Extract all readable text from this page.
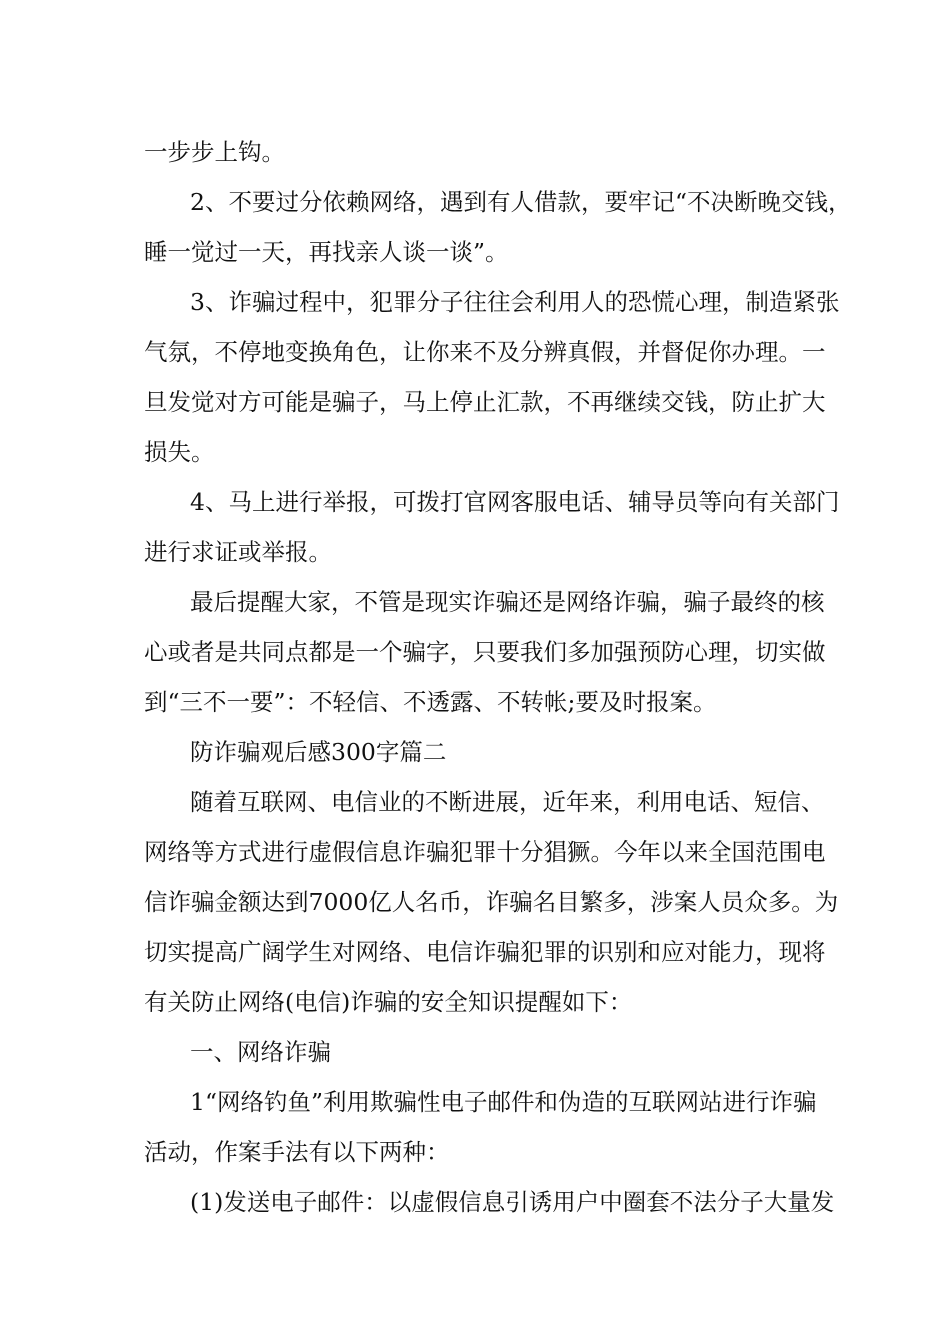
一步步上钩。

2、不要过分依赖网络，遇到有人借款，要牢记“不决断晚交钱，

睡一觉过一天，再找亲人谈一谈”。

3、诈骗过程中，犯罪分子往往会利用人的恐慌心理，制造紧张

气氛，不停地变换角色，让你来不及分辨真假，并督促你办理。一

旦发觉对方可能是骗子，马上停止汇款，不再继续交钱，防止扩大

损失。

4、马上进行举报，可拨打官网客服电话、辅导员等向有关部门

进行求证或举报。

最后提醒大家，不管是现实诈骗还是网络诈骗，骗子最终的核

心或者是共同点都是一个骗字，只要我们多加强预防心理，切实做

到“三不一要”：不轻信、不透露、不转帐;要及时报案。

防诈骗观后感300字篇二

随着互联网、电信业的不断进展，近年来，利用电话、短信、

网络等方式进行虚假信息诈骗犯罪十分猖獗。今年以来全国范围电

信诈骗金额达到7000亿人名币，诈骗名目繁多，涉案人员众多。为

切实提高广阔学生对网络、电信诈骗犯罪的识别和应对能力，现将

有关防止网络(电信)诈骗的安全知识提醒如下：

一、网络诈骗

1“网络钓鱼”利用欺骗性电子邮件和伪造的互联网站进行诈骗

活动，作案手法有以下两种：

(1)发送电子邮件：以虚假信息引诱用户中圈套不法分子大量发
